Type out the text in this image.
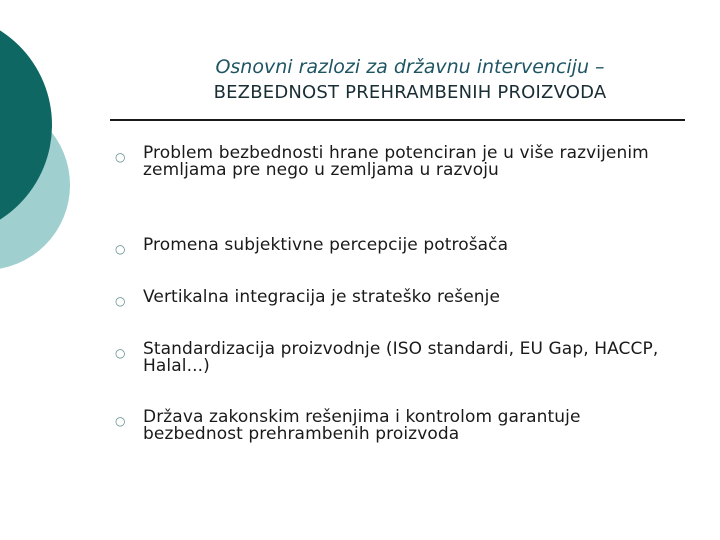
Osnovni razlozi za državnu intervenciju –
BEZBEDNOST PREHRAMBENIH PROIZVODA
○	Problem bezbednosti hrane potenciran je u više razvijenim zemljama pre nego u zemljama u razvoju
○	Promena subjektivne percepcije potrošača
○	Vertikalna integracija je strateško rešenje
○	Standardizacija proizvodnje (ISO standardi, EU Gap, HACCP, Halal...)
○	Država zakonskim rešenjima i kontrolom garantuje bezbednost prehrambenih proizvoda
